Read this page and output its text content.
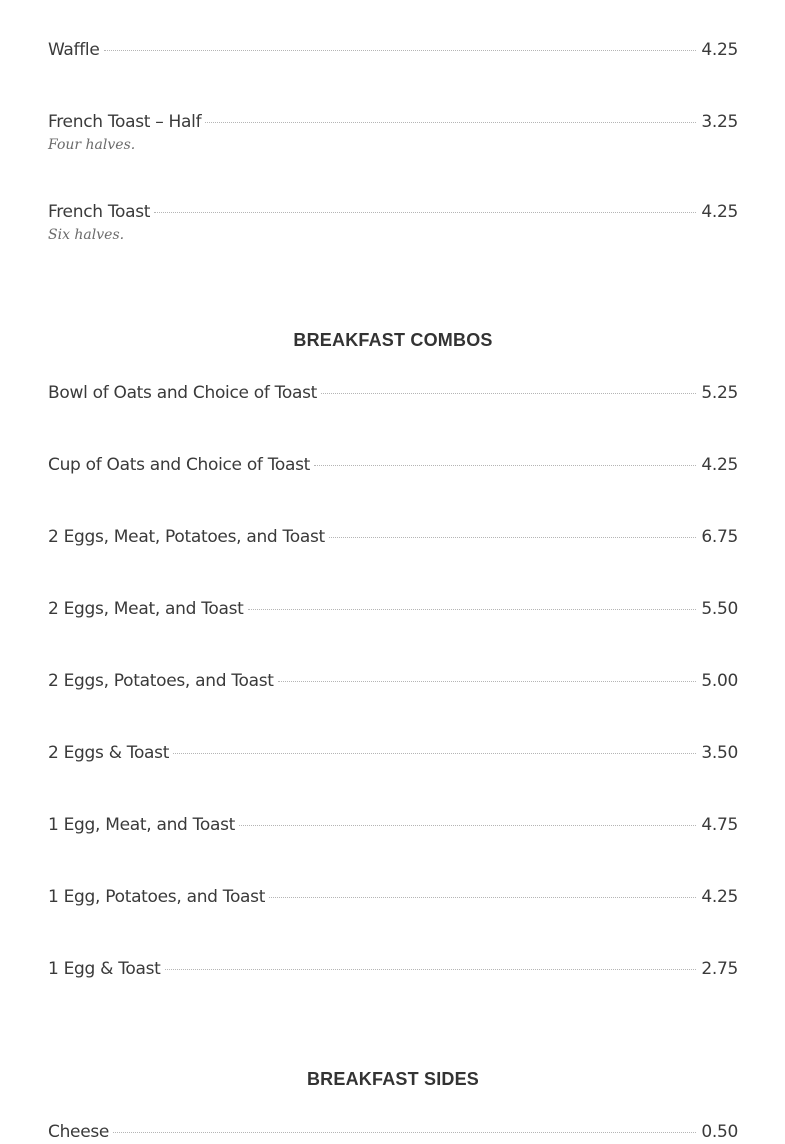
Waffle	4.25
French Toast – Half	3.25
Four halves.
French Toast	4.25
Six halves.
BREAKFAST COMBOS
Bowl of Oats and Choice of Toast	5.25
Cup of Oats and Choice of Toast	4.25
2 Eggs, Meat, Potatoes, and Toast	6.75
2 Eggs, Meat, and Toast	5.50
2 Eggs, Potatoes, and Toast	5.00
2 Eggs & Toast	3.50
1 Egg, Meat, and Toast	4.75
1 Egg, Potatoes, and Toast	4.25
1 Egg & Toast	2.75
BREAKFAST SIDES
Cheese	0.50
